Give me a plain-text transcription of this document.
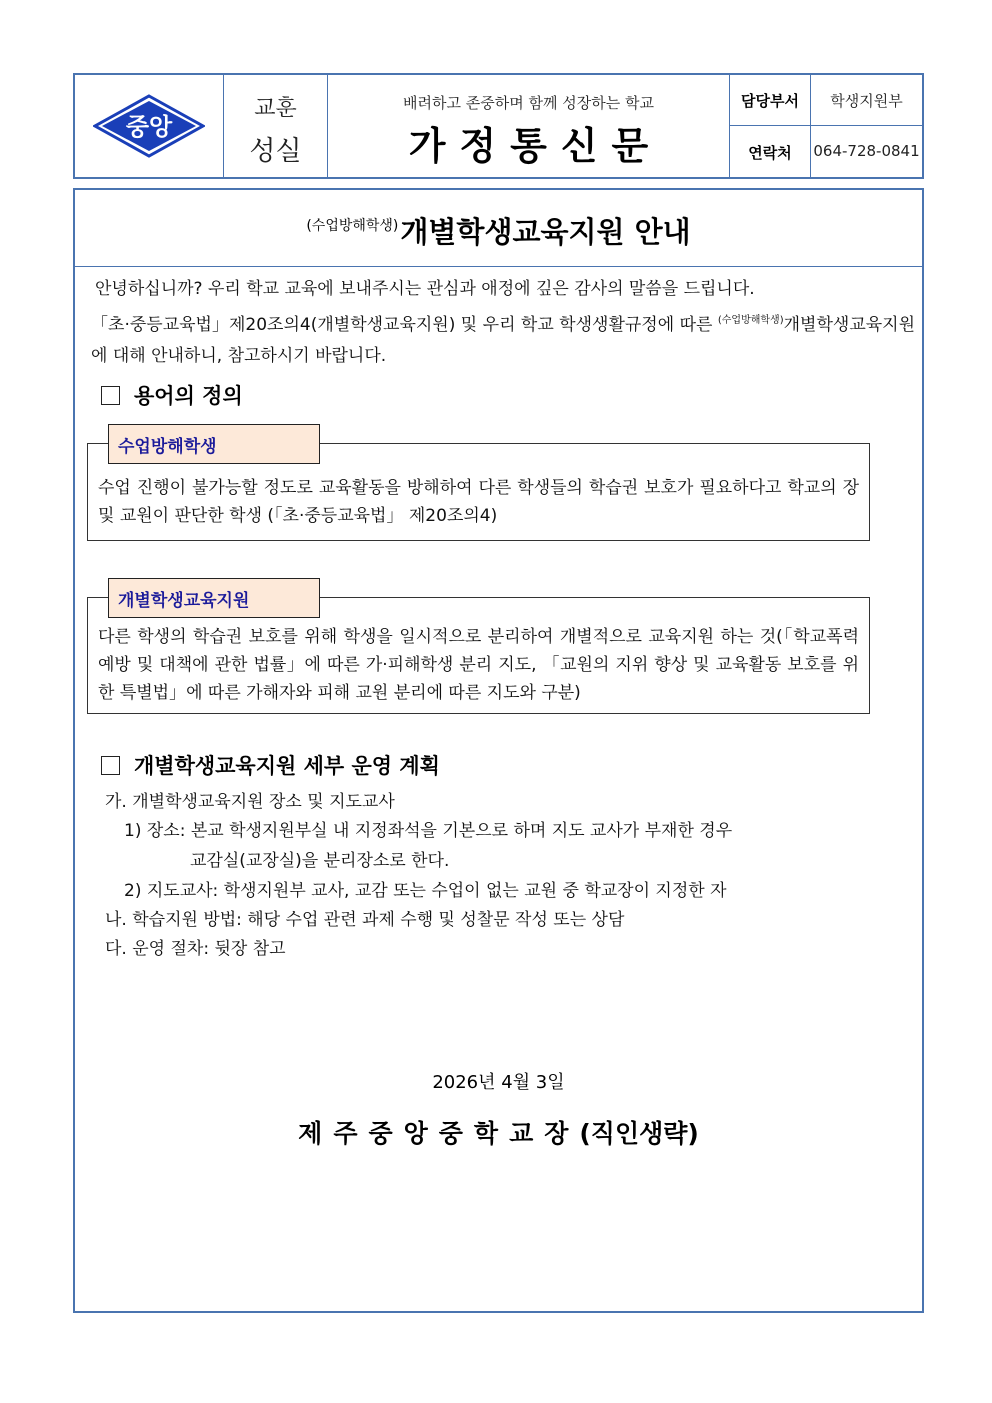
중앙
교훈
성실
배려하고 존중하며 함께 성장하는 학교
가정통신문
담당부서	학생지원부
연락처	064-728-0841
$^{(수업방해학생)}$개별학생교육지원 안내
안녕하십니까? 우리 학교 교육에 보내주시는 관심과 애정에 깊은 감사의 말씀을 드립니다.
「초·중등교육법」제20조의4(개별학생교육지원) 및 우리 학교 학생생활규정에 따른 $^{(수업방해학생)}$개별학생교육지원에 대해 안내하니, 참고하시기 바랍니다.
용어의 정의
수업 진행이 불가능할 정도로 교육활동을 방해하여 다른 학생들의 학습권 보호가 필요하다고 학교의 장 및 교원이 판단한 학생 (「초·중등교육법」 제20조의4)
수업방해학생
다른 학생의 학습권 보호를 위해 학생을 일시적으로 분리하여 개별적으로 교육지원 하는 것(「학교폭력예방 및 대책에 관한 법률」에 따른 가·피해학생 분리 지도, 「교원의 지위 향상 및 교육활동 보호를 위한 특별법」에 따른 가해자와 피해 교원 분리에 따른 지도와 구분)
개별학생교육지원
개별학생교육지원 세부 운영 계획
가. 개별학생교육지원 장소 및 지도교사
1) 장소: 본교 학생지원부실 내 지정좌석을 기본으로 하며 지도 교사가 부재한 경우
교감실(교장실)을 분리장소로 한다.
2) 지도교사: 학생지원부 교사, 교감 또는 수업이 없는 교원 중 학교장이 지정한 자
나. 학습지원 방법: 해당 수업 관련 과제 수행 및 성찰문 작성 또는 상담
다. 운영 절차: 뒷장 참고
2026년 4월 3일
제주중앙중학교장(직인생략)
